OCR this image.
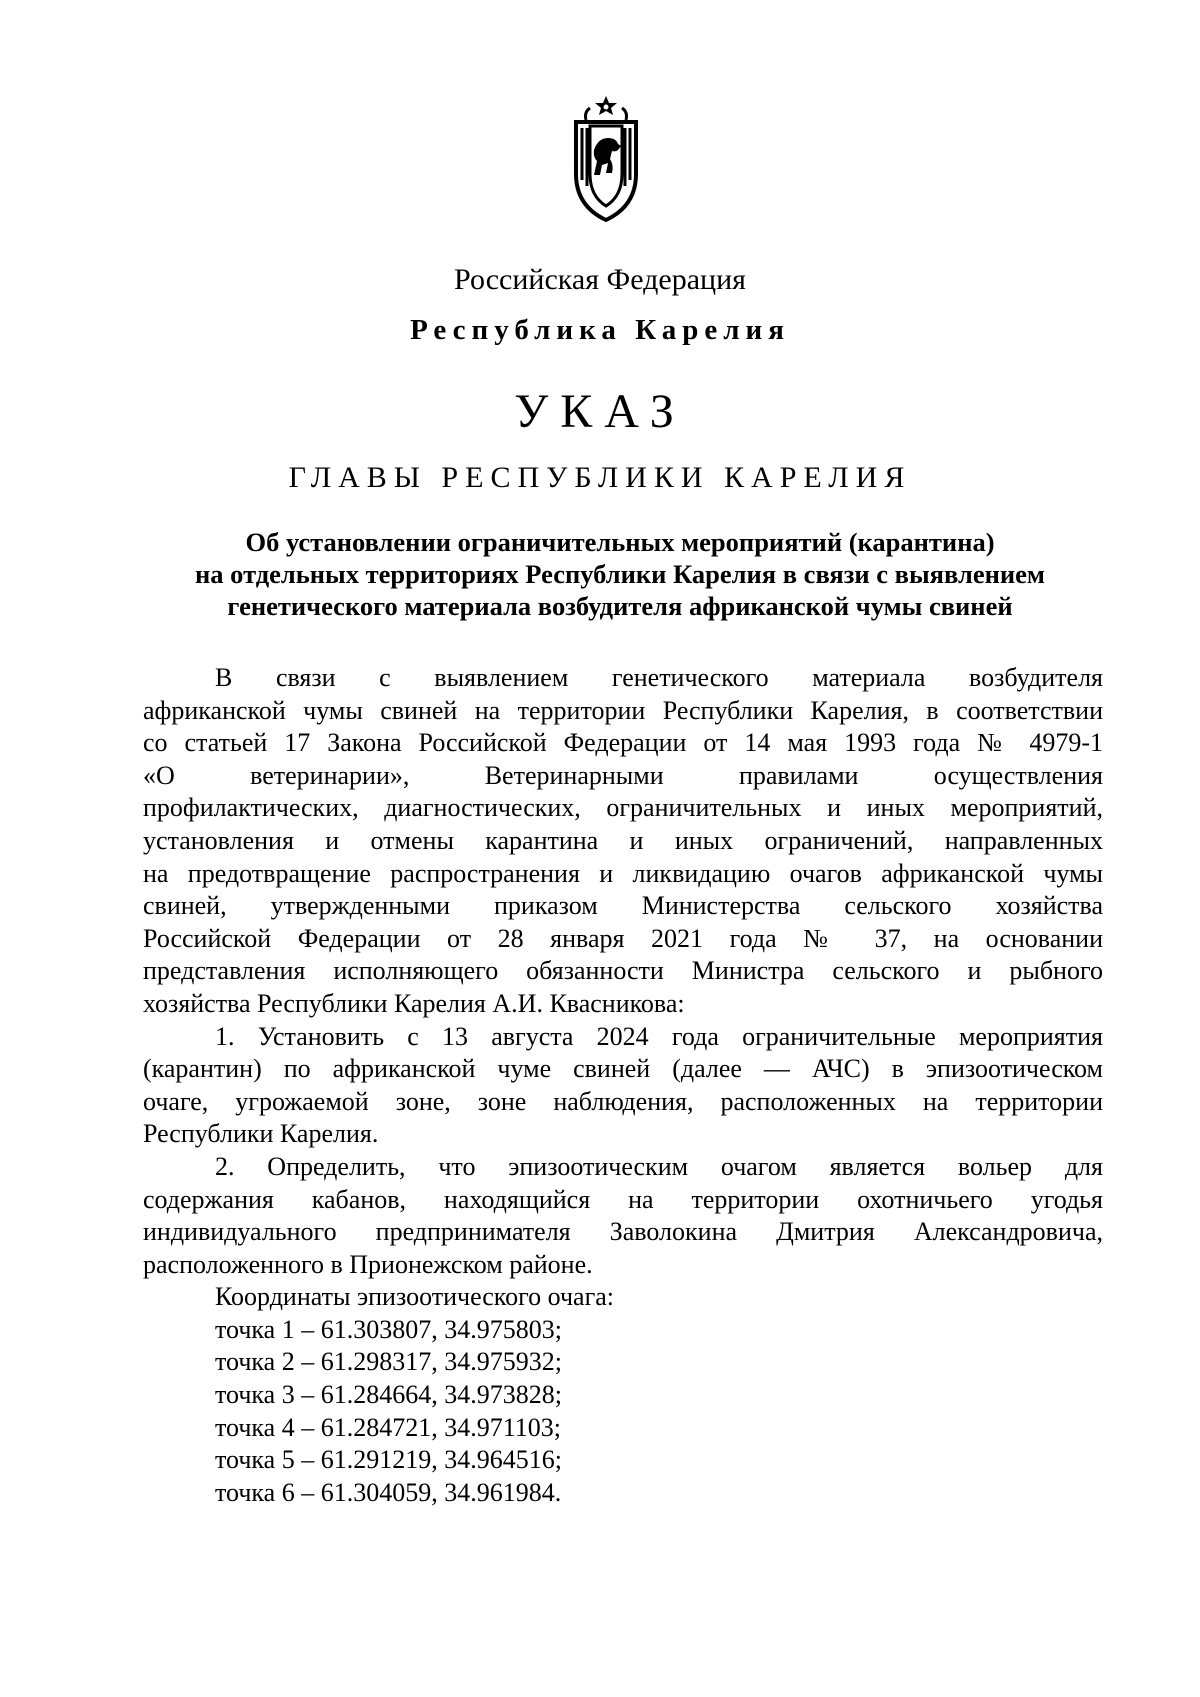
Российская Федерация
Республика Карелия
УКАЗ
ГЛАВЫ РЕСПУБЛИКИ КАРЕЛИЯ
Об установлении ограничительных мероприятий (карантина)
на отдельных территориях Республики Карелия в связи с выявлением
генетического материала возбудителя африканской чумы свиней
В связи с выявлением генетического материала возбудителя
африканской чумы свиней на территории Республики Карелия, в соответствии
со статьей 17 Закона Российской Федерации от 14 мая 1993 года № 4979-1
«О ветеринарии», Ветеринарными правилами осуществления
профилактических, диагностических, ограничительных и иных мероприятий,
установления и отмены карантина и иных ограничений, направленных
на предотвращение распространения и ликвидацию очагов африканской чумы
свиней, утвержденными приказом Министерства сельского хозяйства
Российской Федерации от 28 января 2021 года № 37, на основании
представления исполняющего обязанности Министра сельского и рыбного
хозяйства Республики Карелия А.И. Квасникова:
1. Установить с 13 августа 2024 года ограничительные мероприятия
(карантин) по африканской чуме свиней (далее — АЧС) в эпизоотическом
очаге, угрожаемой зоне, зоне наблюдения, расположенных на территории
Республики Карелия.
2. Определить, что эпизоотическим очагом является вольер для
содержания кабанов, находящийся на территории охотничьего угодья
индивидуального предпринимателя Заволокина Дмитрия Александровича,
расположенного в Прионежском районе.
Координаты эпизоотического очага:
точка 1 – 61.303807, 34.975803;
точка 2 – 61.298317, 34.975932;
точка 3 – 61.284664, 34.973828;
точка 4 – 61.284721, 34.971103;
точка 5 – 61.291219, 34.964516;
точка 6 – 61.304059, 34.961984.
